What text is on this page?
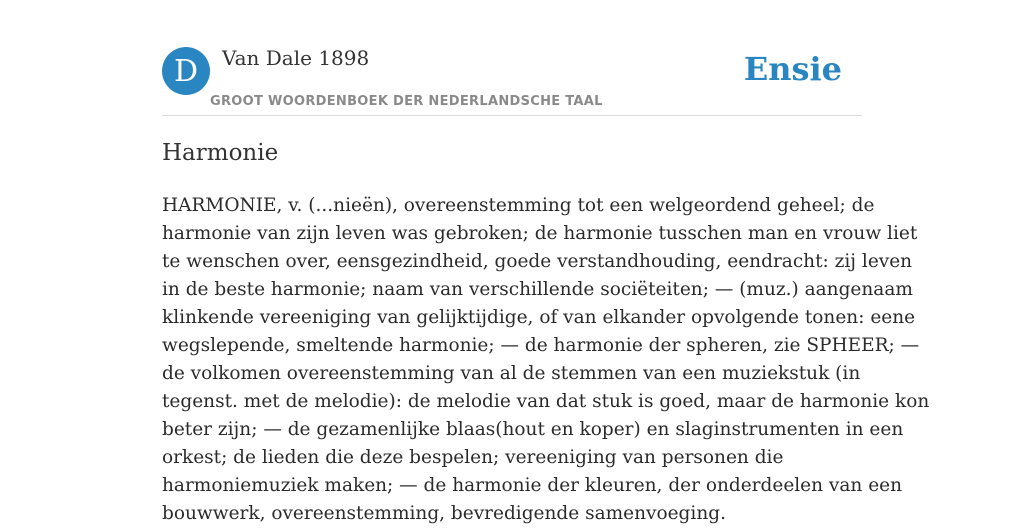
D Van Dale 1898
GROOT WOORDENBOEK DER NEDERLANDSCHE TAAL
Ensie
Harmonie
HARMONIE, v. (...nieën), overeenstemming tot een welgeordend geheel; de
harmonie van zijn leven was gebroken; de harmonie tusschen man en vrouw liet
te wenschen over, eensgezindheid, goede verstandhouding, eendracht: zij leven
in de beste harmonie; naam van verschillende sociëteiten; — (muz.) aangenaam
klinkende vereeniging van gelijktijdige, of van elkander opvolgende tonen: eene
wegslepende, smeltende harmonie; — de harmonie der spheren, zie SPHEER; —
de volkomen overeenstemming van al de stemmen van een muziekstuk (in
tegenst. met de melodie): de melodie van dat stuk is goed, maar de harmonie kon
beter zijn; — de gezamenlijke blaas(hout en koper) en slaginstrumenten in een
orkest; de lieden die deze bespelen; vereeniging van personen die
harmoniemuziek maken; — de harmonie der kleuren, der onderdeelen van een
bouwwerk, overeenstemming, bevredigende samenvoeging.
